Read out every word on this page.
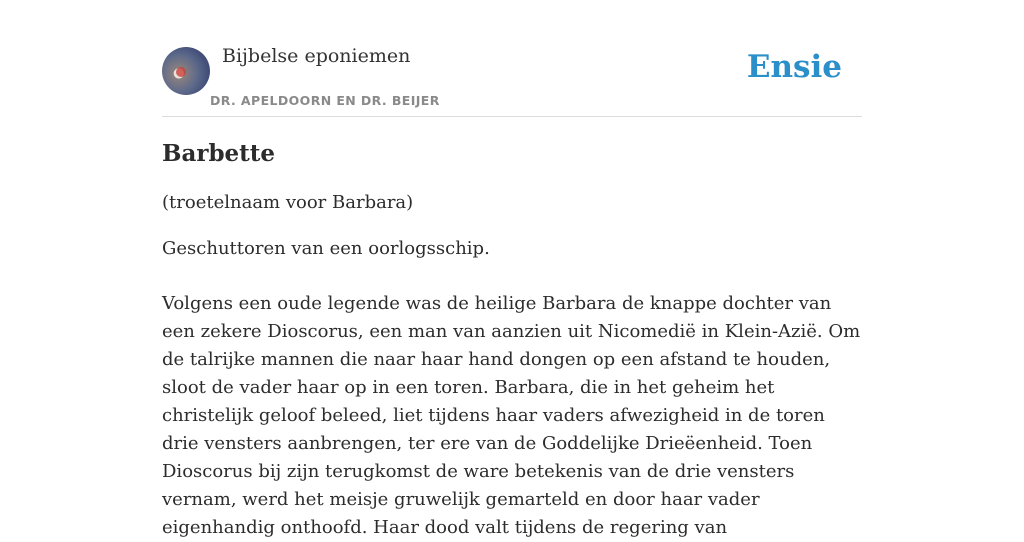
Bijbelse eponiemen
DR. APELDOORN EN DR. BEIJER
Ensie
Barbette

(troetelnaam voor Barbara)

Geschuttoren van een oorlogsschip.

Volgens een oude legende was de heilige Barbara de knappe dochter van een zekere Dioscorus, een man van aanzien uit Nicomedië in Klein-Azië. Om de talrijke mannen die naar haar hand dongen op een afstand te houden, sloot de vader haar op in een toren. Barbara, die in het geheim het christelijk geloof beleed, liet tijdens haar vaders afwezigheid in de toren drie vensters aanbrengen, ter ere van de Goddelijke Drieëenheid. Toen Dioscorus bij zijn terugkomst de ware betekenis van de drie vensters vernam, werd het meisje gruwelijk gemarteld en door haar vader eigenhandig onthoofd. Haar dood valt tijdens de regering van
